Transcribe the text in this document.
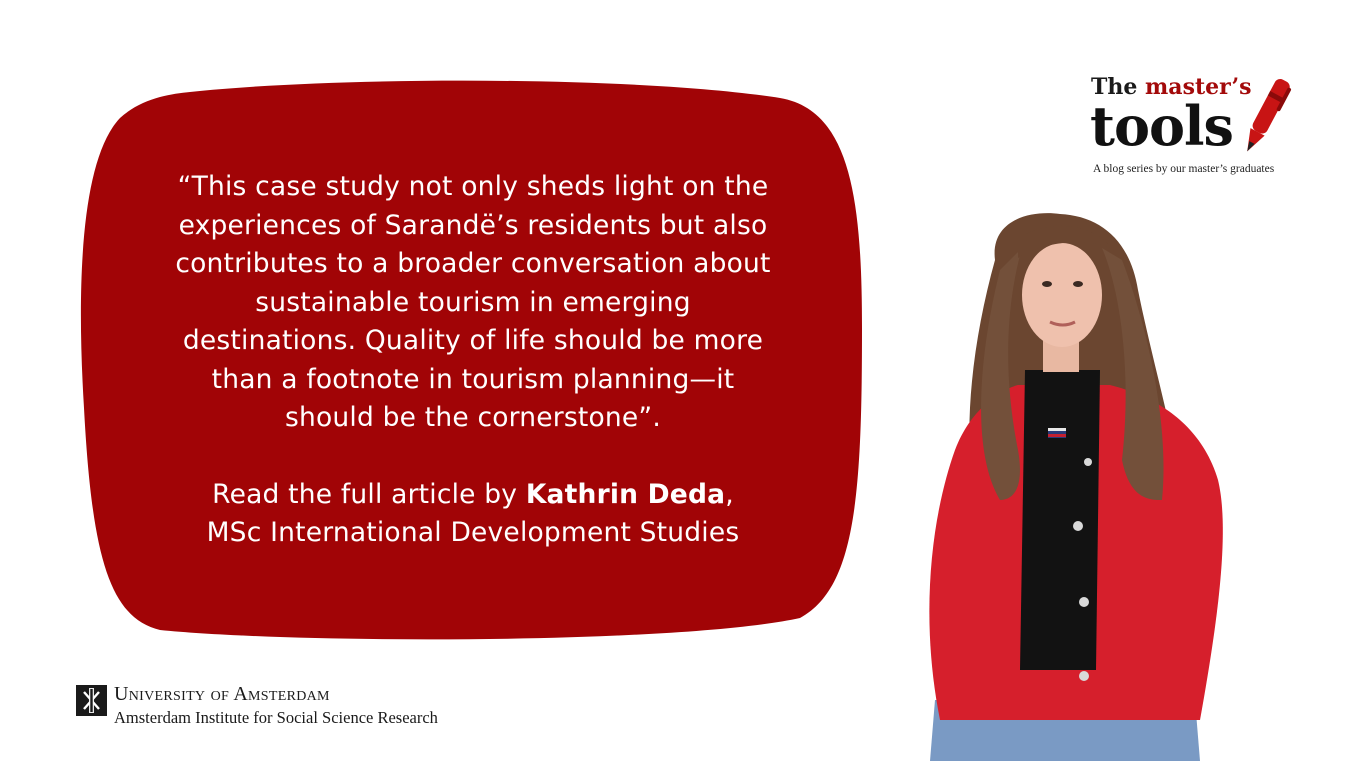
“This case study not only sheds light on the

experiences of Sarandë’s residents but also

contributes to a broader conversation about

sustainable tourism in emerging

destinations. Quality of life should be more

than a footnote in tourism planning—it

should be the cornerstone”.

Read the full article by Kathrin Deda,

MSc International Development Studies

The master’s
tools
A blog series by our master’s graduates
University of Amsterdam
Amsterdam Institute for Social Science Research
